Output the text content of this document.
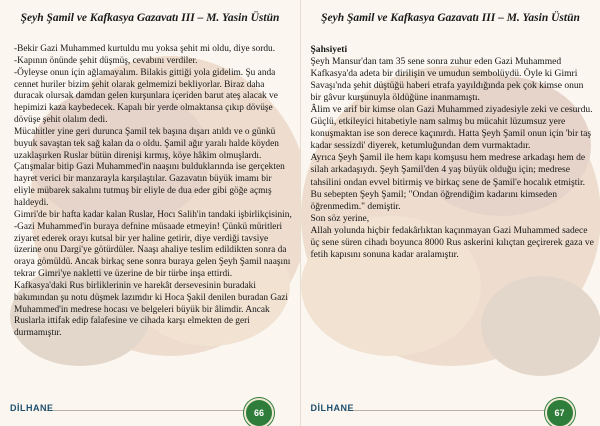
Şeyh Şamil ve Kafkasya Gazavatı III – M. Yasin Üstün

-Bekir Gazi Muhammed kurtuldu mu yoksa şehit mi oldu, diye sordu.

-Kapının önünde şehit düşmüş, cevabını verdiler.

-Öyleyse onun için ağlamayalım. Bilakis gittiği yola gidelim. Şu anda cennet huriler bizim şehit olarak gelmemizi bekliyorlar. Biraz daha duracak olursak damdan gelen kurşunlara içeriden barut ateş alacak ve hepimizi kaza kaybedecek. Kapalı bir yerde olmaktansa çıkıp dövüşe dövüşe şehit olalım dedi.

Mücahitler yine geri durunca Şamil tek başına dışarı atıldı ve o günkü buyuk savaştan tek sağ kalan da o oldu. Şamil ağır yaralı halde köyden uzaklaşırken Ruslar bütün direnişi kırmış, köye hâkim olmuşlardı. Çatışmalar bitip Gazi Muhammed'in naaşını bulduklarında ise gerçekten hayret verici bir manzarayla karşılaştılar. Gazavatın büyük imamı bir eliyle mübarek sakalını tutmuş bir eliyle de dua eder gibi göğe açmış haldeydi.

Gimri'de bir hafta kadar kalan Ruslar, Hocı Salih'in tandaki işbirlikçisinin,

-Gazi Muhammed'in buraya defnine müsaade etmeyin! Çünkü müritleri ziyaret ederek orayı kutsal bir yer haline getirir, diye verdiği tavsiye üzerine onu Dargi'ye götürdüler. Naaşı ahaliye teslim edildikten sonra da oraya gömüldü. Ancak birkaç sene sonra buraya gelen Şeyh Şamil naaşını tekrar Gimri'ye nakletti ve üzerine de bir türbe inşa ettirdi.

Kafkasya'daki Rus birliklerinin ve harekât dersevesinin buradaki bakımından şu notu düşmek lazımdır ki Hoca Şakil denilen buradan Gazi Muhammed'in medrese hocası ve belgeleri büyük bir âlimdir. Ancak Ruslarla ittifak edip falafesine ve cihada karşı elmekten de geri durmamıştır.

DİLHANE	66
Şeyh Şamil ve Kafkasya Gazavatı III – M. Yasin Üstün

Şahsiyeti

Şeyh Mansur'dan tam 35 sene sonra zuhur eden Gazi Muhammed Kafkasya'da adeta bir dirilişin ve umudun sembolüydü. Öyle ki Gimri Savaşı'nda şehit düştüğü haberi etrafa yayıldığında pek çok kimse onun bir gâvur kurşunuyla öldüğüne inanmamıştı.

Âlim ve arif bir kimse olan Gazi Muhammed ziyadesiyle zeki ve cesurdu. Güçlü, etkileyici hitabetiyle nam salmış bu mücahit lüzumsuz yere konuşmaktan ise son derece kaçınırdı. Hatta Şeyh Şamil onun için 'bir taş kadar sessizdi' diyerek, ketumluğundan dem vurmaktadır.

Ayrıca Şeyh Şamil ile hem kapı komşusu hem medrese arkadaşı hem de silah arkadaşıydı. Şeyh Şamil'den 4 yaş büyük olduğu için; medrese tahsilini ondan evvel bitirmiş ve birkaç sene de Şamil'e hocalık etmiştir. Bu sebepten Şeyh Şamil; "Ondan öğrendiğim kadarını kimseden öğrenmedim." demiştir.

Son söz yerine,

Allah yolunda hiçbir fedakârlıktan kaçınmayan Gazi Muhammed sadece üç sene süren cihadı boyunca 8000 Rus askerini kılıçtan geçirerek gaza ve fetih kapısını sonuna kadar aralamıştır.

DİLHANE	67
